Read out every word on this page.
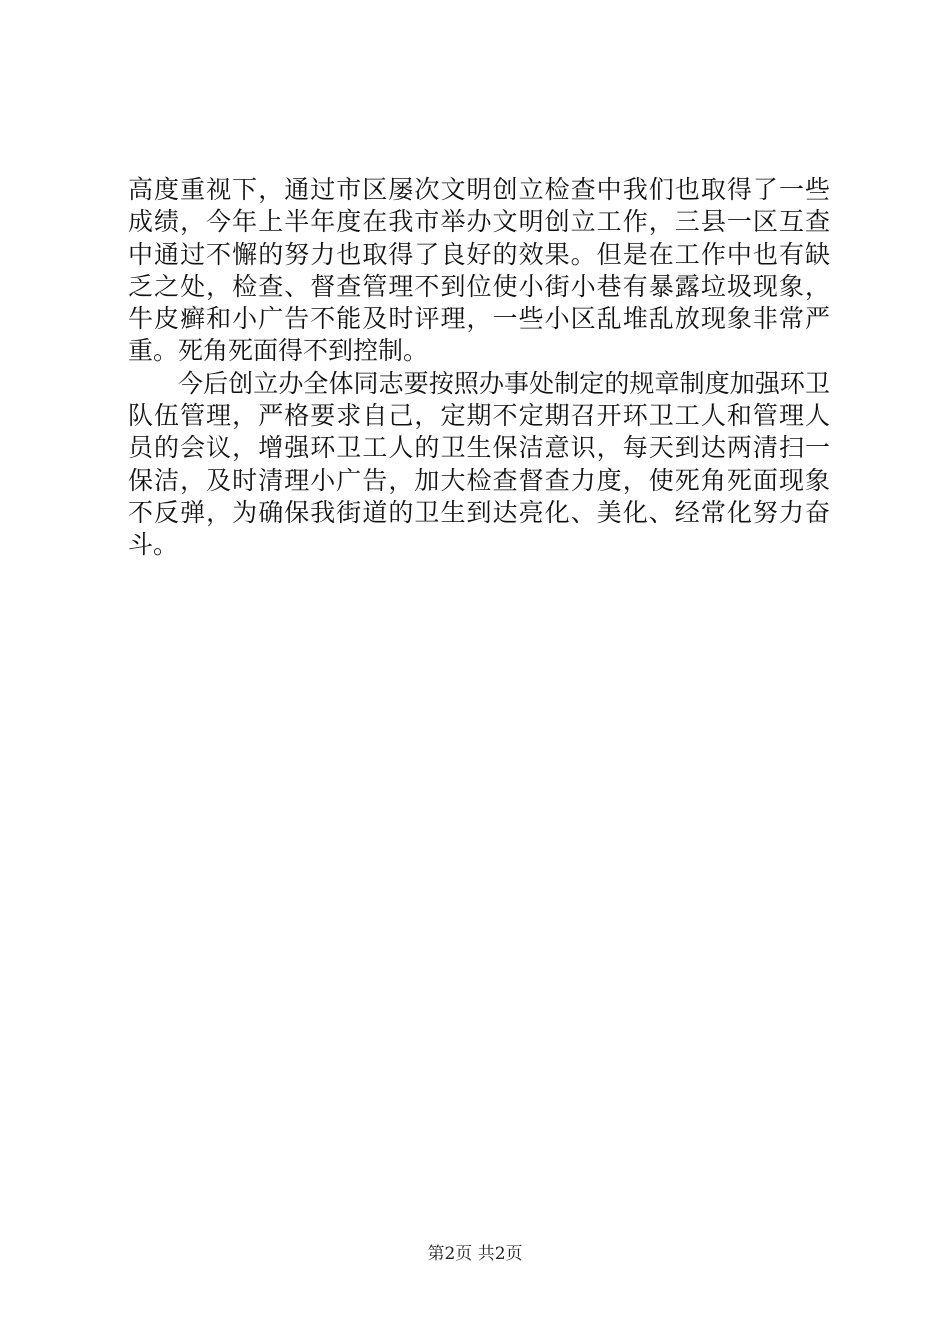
高度重视下，通过市区屡次文明创立检查中我们也取得了一些
成绩，今年上半年度在我市举办文明创立工作，三县一区互查
中通过不懈的努力也取得了良好的效果。但是在工作中也有缺
乏之处，检查、督查管理不到位使小街小巷有暴露垃圾现象，
牛皮癣和小广告不能及时评理，一些小区乱堆乱放现象非常严
重。死角死面得不到控制。
今后创立办全体同志要按照办事处制定的规章制度加强环卫
队伍管理，严格要求自己，定期不定期召开环卫工人和管理人
员的会议，增强环卫工人的卫生保洁意识，每天到达两清扫一
保洁，及时清理小广告，加大检查督查力度，使死角死面现象
不反弹，为确保我街道的卫生到达亮化、美化、经常化努力奋
斗。
第2页 共2页
